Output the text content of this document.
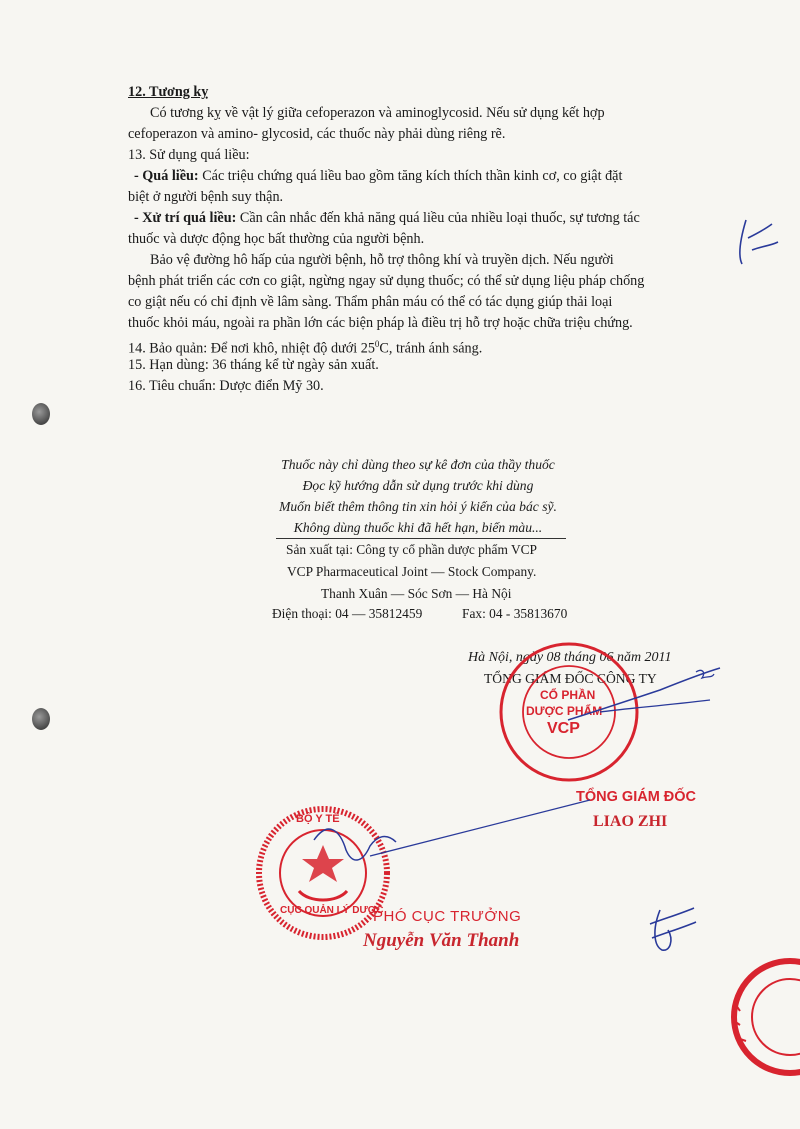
12. Tương kỵ
Có tương kỵ về vật lý giữa cefoperazon và aminoglycosid. Nếu sử dụng kết hợp
cefoperazon và amino- glycosid, các thuốc này phải dùng riêng rẽ.
13. Sử dụng quá liều:
- Quá liều: Các triệu chứng quá liều bao gồm tăng kích thích thần kinh cơ, co giật đặt
biệt ở người bệnh suy thận.
- Xử trí quá liều: Cần cân nhắc đến khả năng quá liều của nhiều loại thuốc, sự tương tác
thuốc và dược động học bất thường của người bệnh.
Bảo vệ đường hô hấp của người bệnh, hỗ trợ thông khí và truyền dịch. Nếu người
bệnh phát triển các cơn co giật, ngừng ngay sử dụng thuốc; có thể sử dụng liệu pháp chống
co giật nếu có chỉ định về lâm sàng. Thẩm phân máu có thể có tác dụng giúp thải loại
thuốc khỏi máu, ngoài ra phần lớn các biện pháp là điều trị hỗ trợ hoặc chữa triệu chứng.
14. Bảo quản: Để nơi khô, nhiệt độ dưới $25^0C$, tránh ánh sáng.
15. Hạn dùng: 36 tháng kể từ ngày sản xuất.
16. Tiêu chuẩn: Dược điển Mỹ 30.
Thuốc này chỉ dùng theo sự kê đơn của thầy thuốc
Đọc kỹ hướng dẫn sử dụng trước khi dùng
Muốn biết thêm thông tin xin hỏi ý kiến của bác sỹ.
Không dùng thuốc khi đã hết hạn, biến màu...
Sản xuất tại: Công ty cổ phần dược phẩm VCP
VCP Pharmaceutical Joint — Stock Company.
Thanh Xuân — Sóc Sơn — Hà Nội
Điện thoại: 04 — 35812459	Fax: 04 - 35813670
Hà Nội, ngày 08 tháng 06 năm 2011
TỔNG GIÁM ĐỐC CÔNG TY
CỔ PHẦN
DƯỢC PHẨM
VCP
TỔNG GIÁM ĐỐC
LIAO ZHI
BỘ Y TẾ
CỤC QUẢN LÝ DƯỢC
PHÓ CỤC TRƯỞNG
Nguyễn Văn Thanh
